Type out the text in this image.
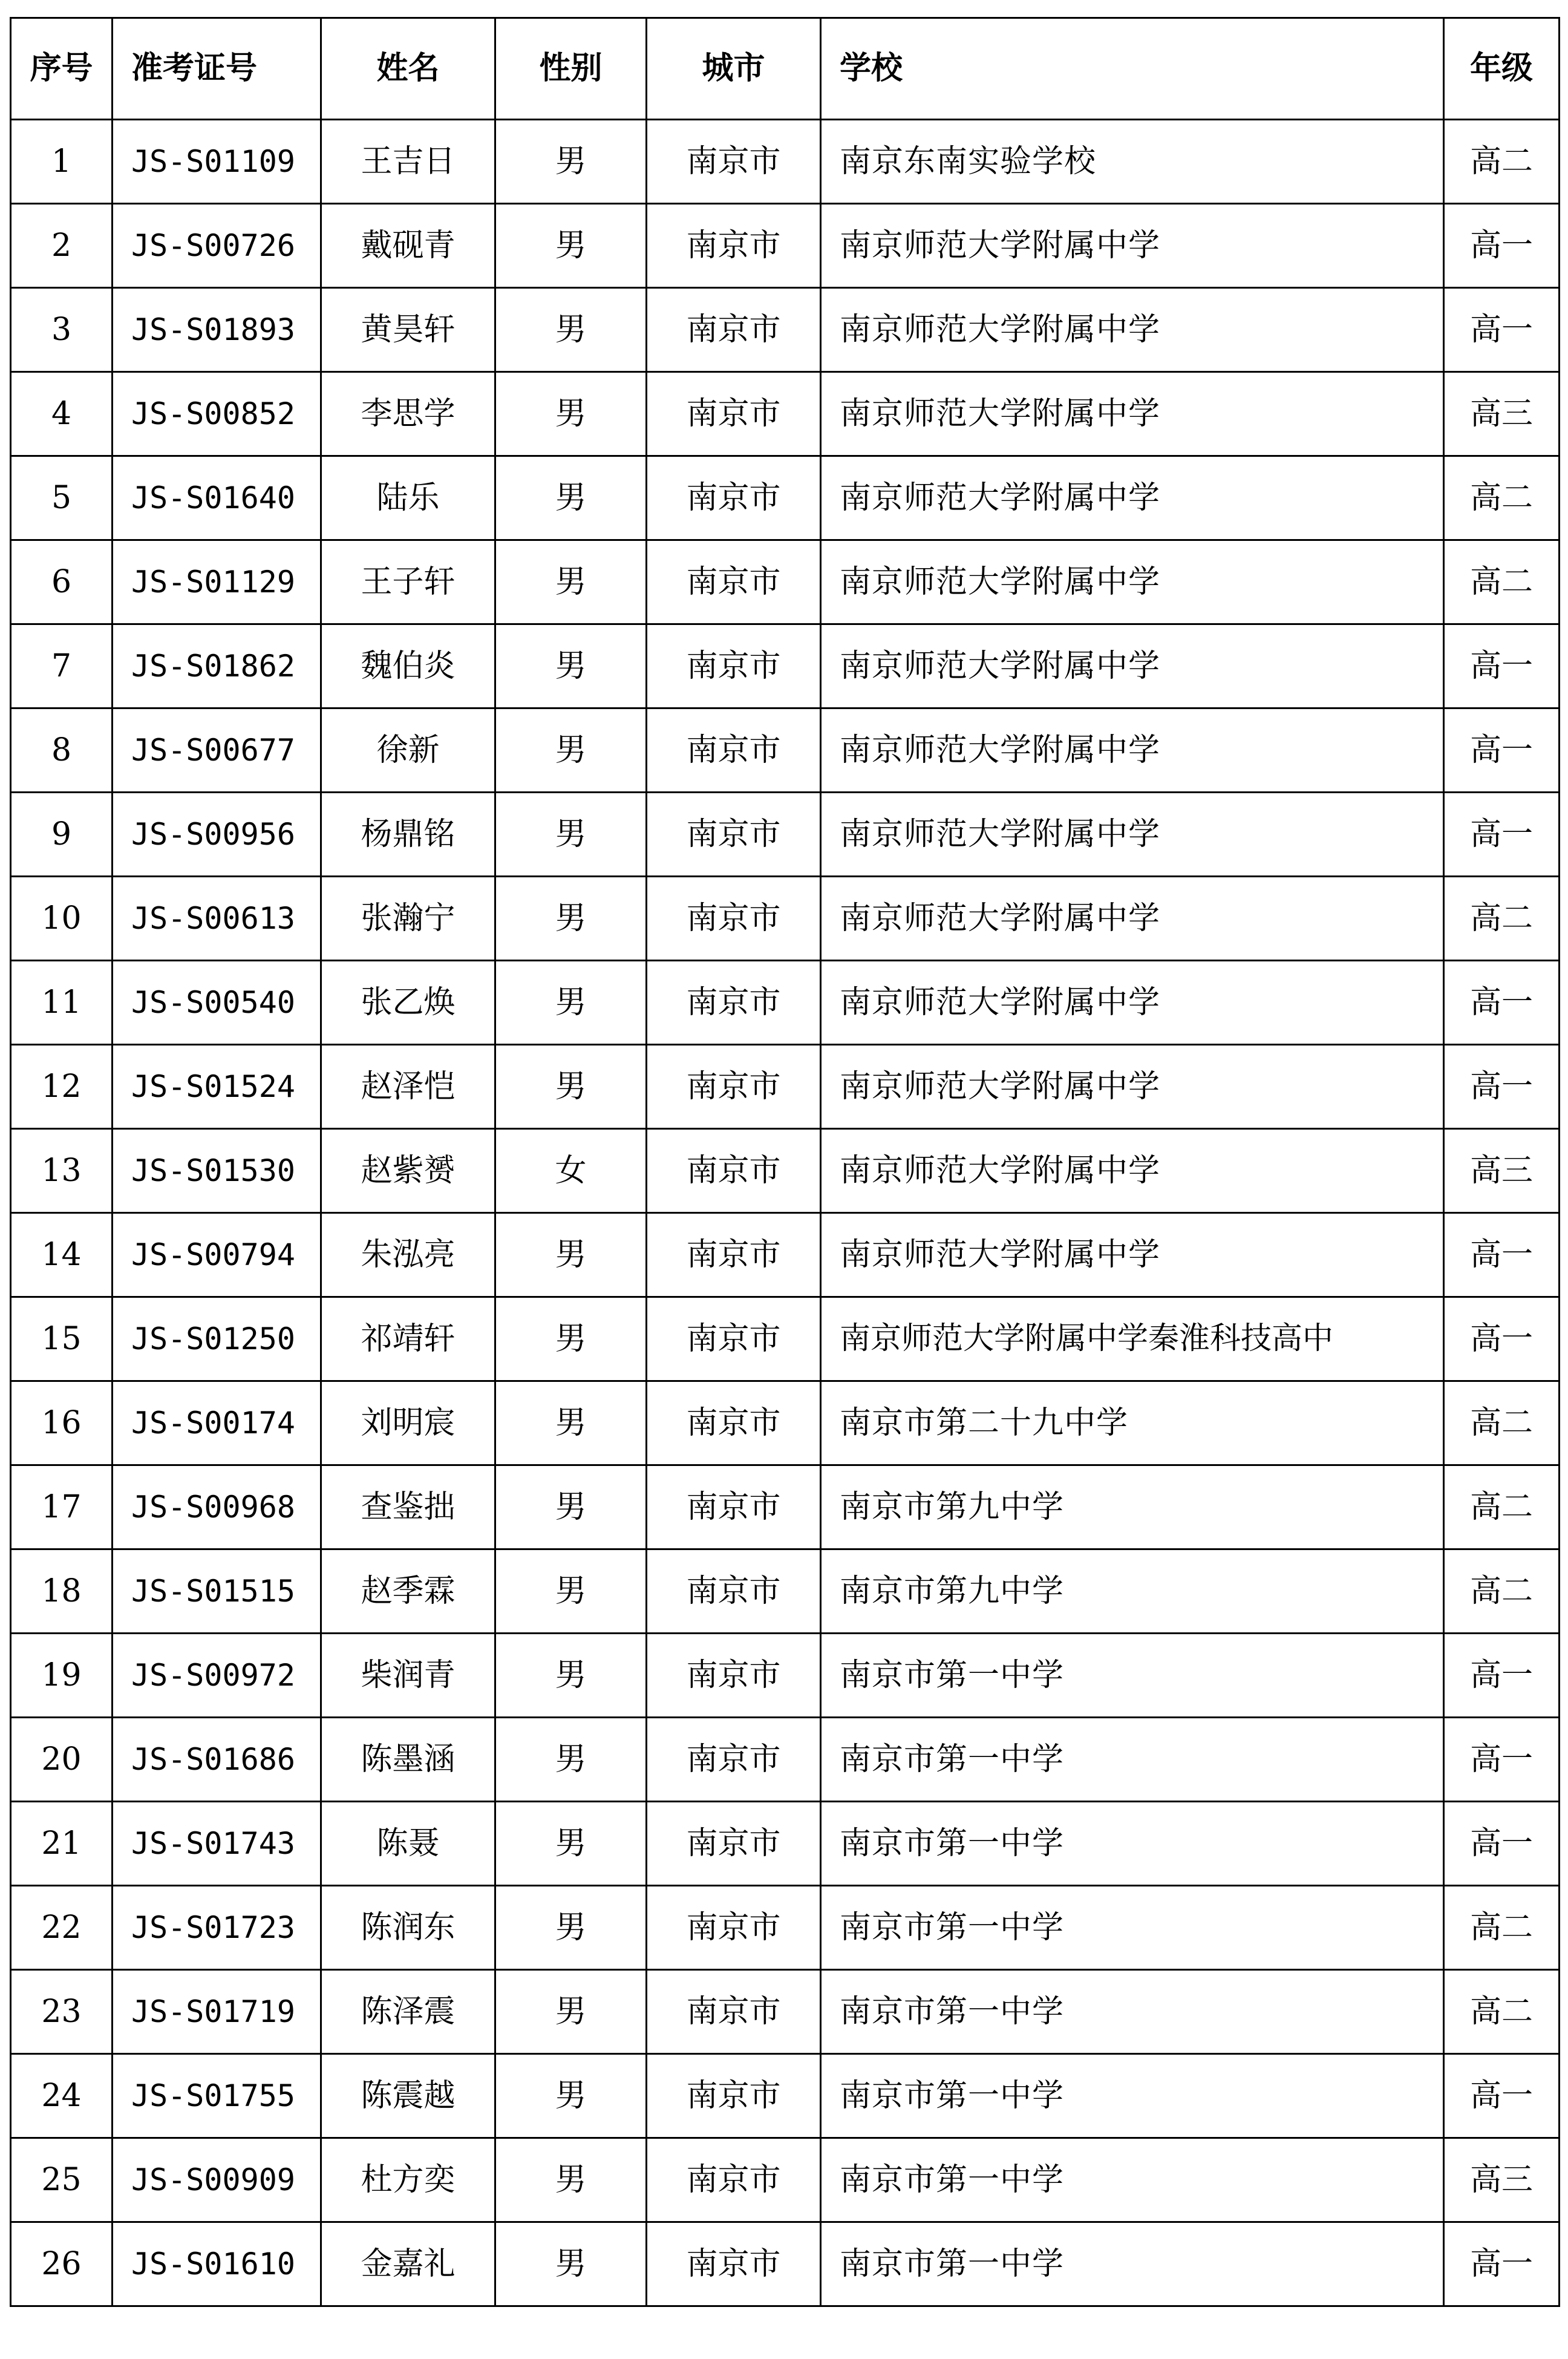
序号	准考证号	姓名	性别	城市	学校	年级
1	JS-S01109	王吉日	男	南京市	南京东南实验学校	高二
2	JS-S00726	戴砚青	男	南京市	南京师范大学附属中学	高一
3	JS-S01893	黄昊轩	男	南京市	南京师范大学附属中学	高一
4	JS-S00852	李思学	男	南京市	南京师范大学附属中学	高三
5	JS-S01640	陆乐	男	南京市	南京师范大学附属中学	高二
6	JS-S01129	王子轩	男	南京市	南京师范大学附属中学	高二
7	JS-S01862	魏伯炎	男	南京市	南京师范大学附属中学	高一
8	JS-S00677	徐新	男	南京市	南京师范大学附属中学	高一
9	JS-S00956	杨鼎铭	男	南京市	南京师范大学附属中学	高一
10	JS-S00613	张瀚宁	男	南京市	南京师范大学附属中学	高二
11	JS-S00540	张乙焕	男	南京市	南京师范大学附属中学	高一
12	JS-S01524	赵泽恺	男	南京市	南京师范大学附属中学	高一
13	JS-S01530	赵紫赟	女	南京市	南京师范大学附属中学	高三
14	JS-S00794	朱泓亮	男	南京市	南京师范大学附属中学	高一
15	JS-S01250	祁靖轩	男	南京市	南京师范大学附属中学秦淮科技高中	高一
16	JS-S00174	刘明宸	男	南京市	南京市第二十九中学	高二
17	JS-S00968	查鉴拙	男	南京市	南京市第九中学	高二
18	JS-S01515	赵季霖	男	南京市	南京市第九中学	高二
19	JS-S00972	柴润青	男	南京市	南京市第一中学	高一
20	JS-S01686	陈墨涵	男	南京市	南京市第一中学	高一
21	JS-S01743	陈聂	男	南京市	南京市第一中学	高一
22	JS-S01723	陈润东	男	南京市	南京市第一中学	高二
23	JS-S01719	陈泽震	男	南京市	南京市第一中学	高二
24	JS-S01755	陈震越	男	南京市	南京市第一中学	高一
25	JS-S00909	杜方奕	男	南京市	南京市第一中学	高三
26	JS-S01610	金嘉礼	男	南京市	南京市第一中学	高一
